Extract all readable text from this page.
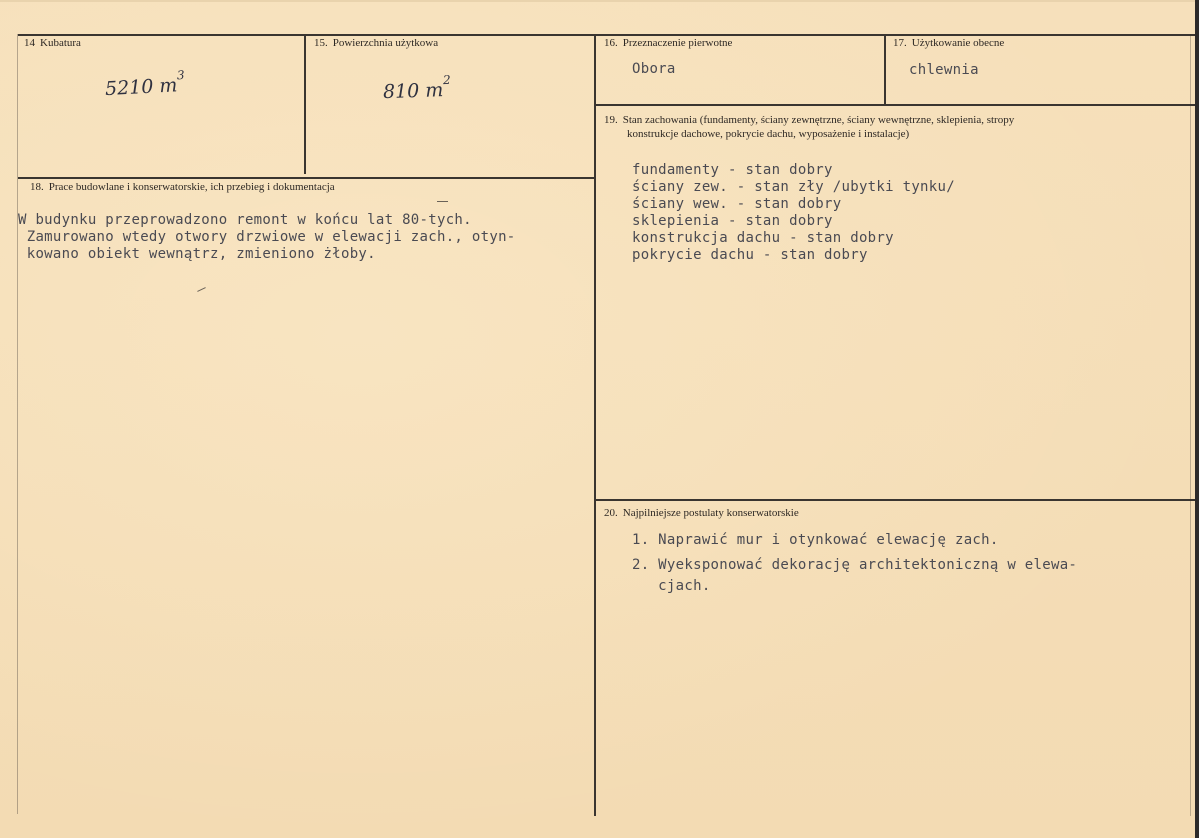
14 Kubatura
5210 $m^3$
15. Powierzchnia użytkowa
810 $m^2$
16. Przeznaczenie pierwotne
Obora
17. Użytkowanie obecne
chlewnia
18. Prace budowlane i konserwatorskie, ich przebieg i dokumentacja
W budynku przeprowadzono remont w końcu lat 80-tych.
Zamurowano wtedy otwory drzwiowe w elewacji zach., otyn-
kowano obiekt wewnątrz, zmieniono żłoby.
19. Stan zachowania (fundamenty, ściany zewnętrzne, ściany wewnętrzne, sklepienia, stropy
konstrukcje dachowe, pokrycie dachu, wyposażenie i instalacje)
fundamenty - stan dobry
ściany zew. - stan zły /ubytki tynku/
ściany wew. - stan dobry
sklepienia - stan dobry
konstrukcja dachu - stan dobry
pokrycie dachu - stan dobry
20. Najpilniejsze postulaty konserwatorskie
1. Naprawić mur i otynkować elewację zach.
2. Wyeksponować dekorację architektoniczną w elewa-
cjach.
